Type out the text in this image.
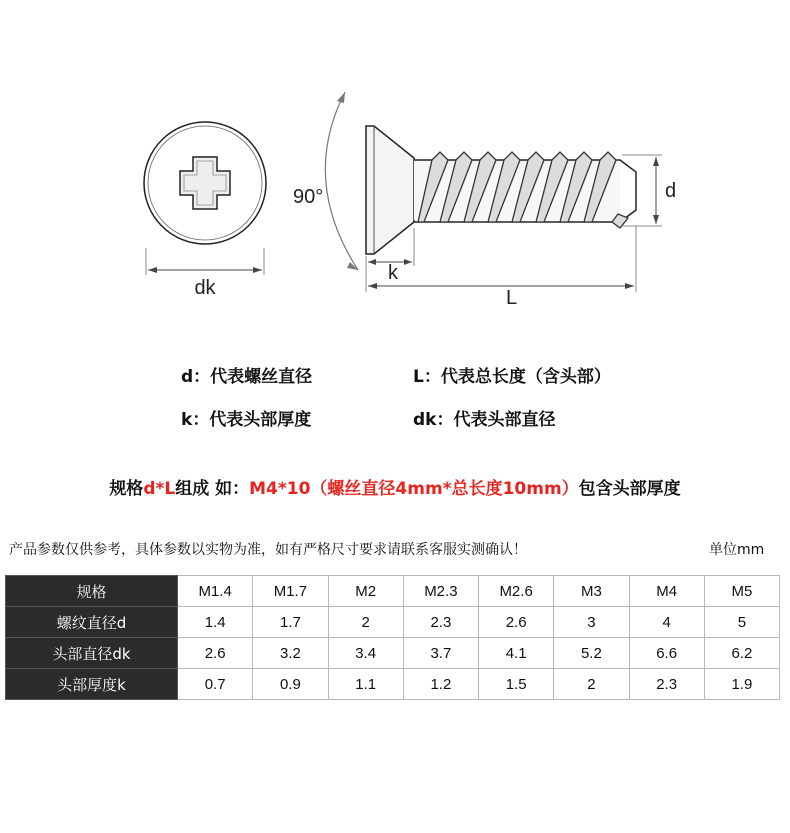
dk
90°
k
d
L
d：代表螺丝直径	L：代表总长度（含头部）
k：代表头部厚度	dk：代表头部直径
规格d*L组成 如：M4*10（螺丝直径4mm*总长度10mm）包含头部厚度
产品参数仅供参考，具体参数以实物为准，如有严格尺寸要求请联系客服实测确认！	单位mm
规格	M1.4	M1.7	M2	M2.3	M2.6	M3	M4	M5
螺纹直径d	1.4	1.7	2	2.3	2.6	3	4	5
头部直径dk	2.6	3.2	3.4	3.7	4.1	5.2	6.6	6.2
头部厚度k	0.7	0.9	1.1	1.2	1.5	2	2.3	1.9
